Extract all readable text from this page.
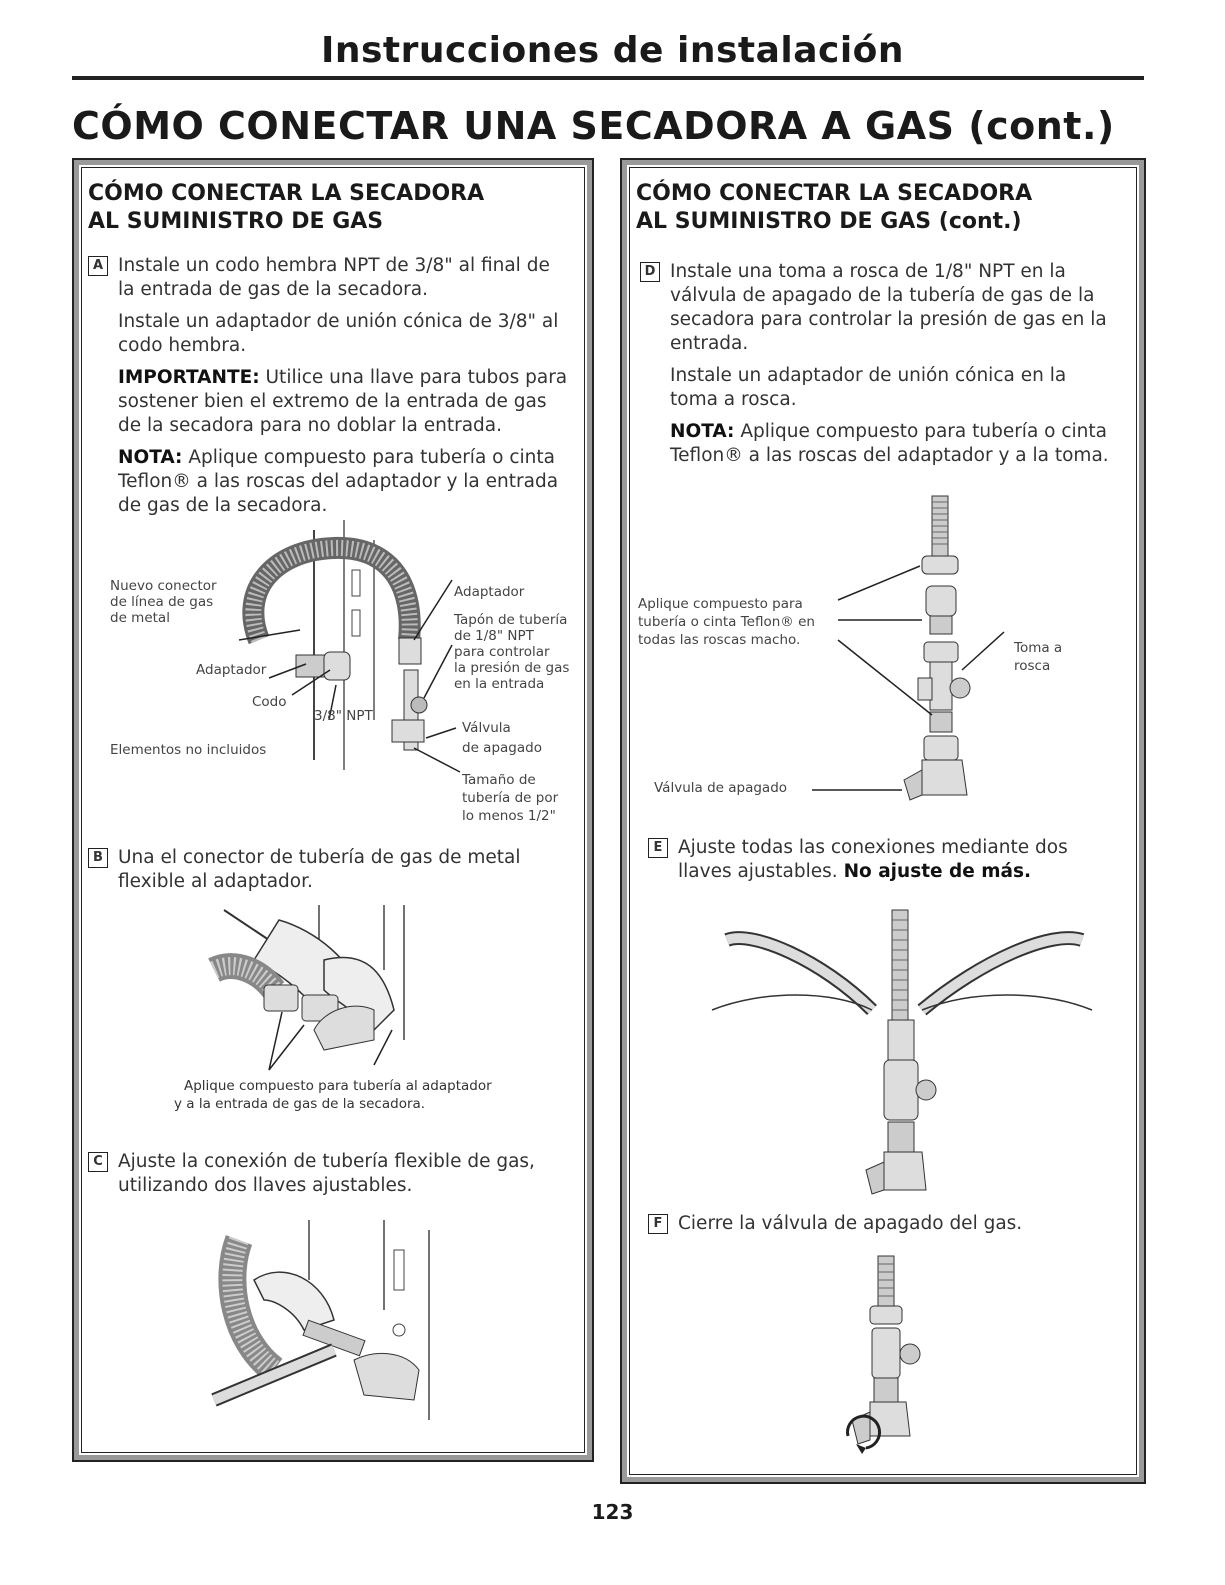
Instrucciones de instalación
CÓMO CONECTAR UNA SECADORA A GAS (cont.)
CÓMO CONECTAR LA SECADORA
AL SUMINISTRO DE GAS
A Instale un codo hembra NPT de 3/8" al final de la entrada de gas de la secadora.

Instale un adaptador de unión cónica de 3/8" al codo hembra.

IMPORTANTE: Utilice una llave para tubos para sostener bien el extremo de la entrada de gas de la secadora para no doblar la entrada.

NOTA: Aplique compuesto para tubería o cinta Teflon® a las roscas del adaptador y la entrada de gas de la secadora.

Nuevo conector
de línea de gas
de metal
Adaptador
Codo
3/8" NPT
Elementos no incluidos
Adaptador
Tapón de tubería
de 1/8" NPT
para controlar
la presión de gas
en la entrada
Válvula
de apagado
Tamaño de
tubería de por
lo menos 1/2"
B Una el conector de tubería de gas de metal flexible al adaptador.

Aplique compuesto para tubería al adaptador
y a la entrada de gas de la secadora.
C Ajuste la conexión de tubería flexible de gas, utilizando dos llaves ajustables.

CÓMO CONECTAR LA SECADORA
AL SUMINISTRO DE GAS (cont.)
D Instale una toma a rosca de 1/8" NPT en la válvula de apagado de la tubería de gas de la secadora para controlar la presión de gas en la entrada.

Instale un adaptador de unión cónica en la toma a rosca.

NOTA: Aplique compuesto para tubería o cinta Teflon® a las roscas del adaptador y a la toma.

Aplique compuesto para
tubería o cinta Teflon® en
todas las roscas macho.	Toma a
rosca
Válvula de apagado
E Ajuste todas las conexiones mediante dos llaves ajustables. No ajuste de más.

F Cierre la válvula de apagado del gas.

123
